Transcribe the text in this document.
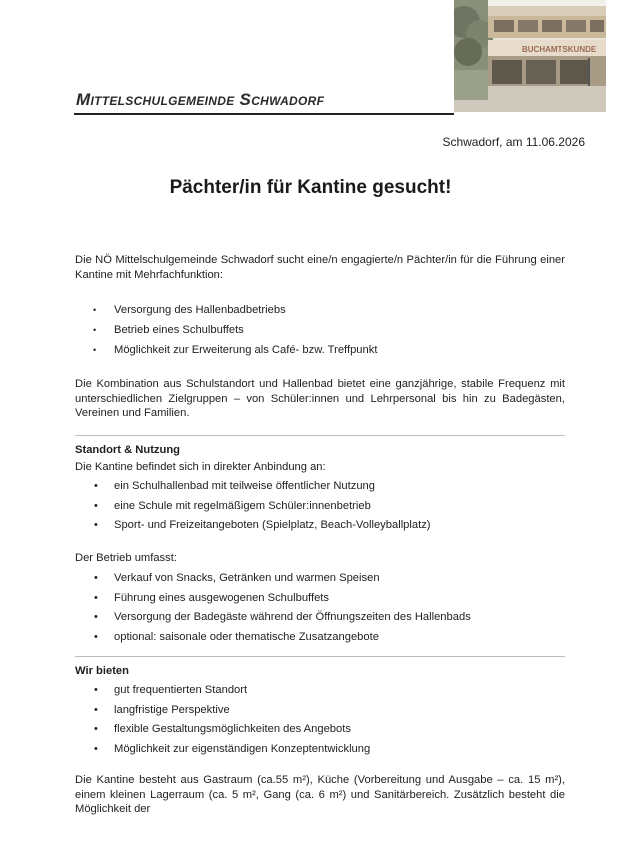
BUCHAMTSKUNDE
Mittelschulgemeinde Schwadorf
Schwadorf, am 11.06.2026
Pächter/in für Kantine gesucht!
Die NÖ Mittelschulgemeinde Schwadorf sucht eine/n engagierte/n Pächter/in für die Führung einer Kantine mit Mehrfachfunktion:
• Versorgung des Hallenbadbetriebs
• Betrieb eines Schulbuffets
• Möglichkeit zur Erweiterung als Café- bzw. Treffpunkt
Die Kombination aus Schulstandort und Hallenbad bietet eine ganzjährige, stabile Frequenz mit unterschiedlichen Zielgruppen – von Schüler:innen und Lehrpersonal bis hin zu Badegästen, Vereinen und Familien.
Standort & Nutzung
Die Kantine befindet sich in direkter Anbindung an:
• ein Schulhallenbad mit teilweise öffentlicher Nutzung
• eine Schule mit regelmäßigem Schüler:innenbetrieb
• Sport- und Freizeitangeboten (Spielplatz, Beach-Volleyballplatz)
Der Betrieb umfasst:
• Verkauf von Snacks, Getränken und warmen Speisen
• Führung eines ausgewogenen Schulbuffets
• Versorgung der Badegäste während der Öffnungszeiten des Hallenbads
• optional: saisonale oder thematische Zusatzangebote
Wir bieten
• gut frequentierten Standort
• langfristige Perspektive
• flexible Gestaltungsmöglichkeiten des Angebots
• Möglichkeit zur eigenständigen Konzeptentwicklung
Die Kantine besteht aus Gastraum (ca.55 m²), Küche (Vorbereitung und Ausgabe – ca. 15 m²), einem kleinen Lagerraum (ca. 5 m², Gang (ca. 6 m²) und Sanitärbereich. Zusätzlich besteht die Möglichkeit der
